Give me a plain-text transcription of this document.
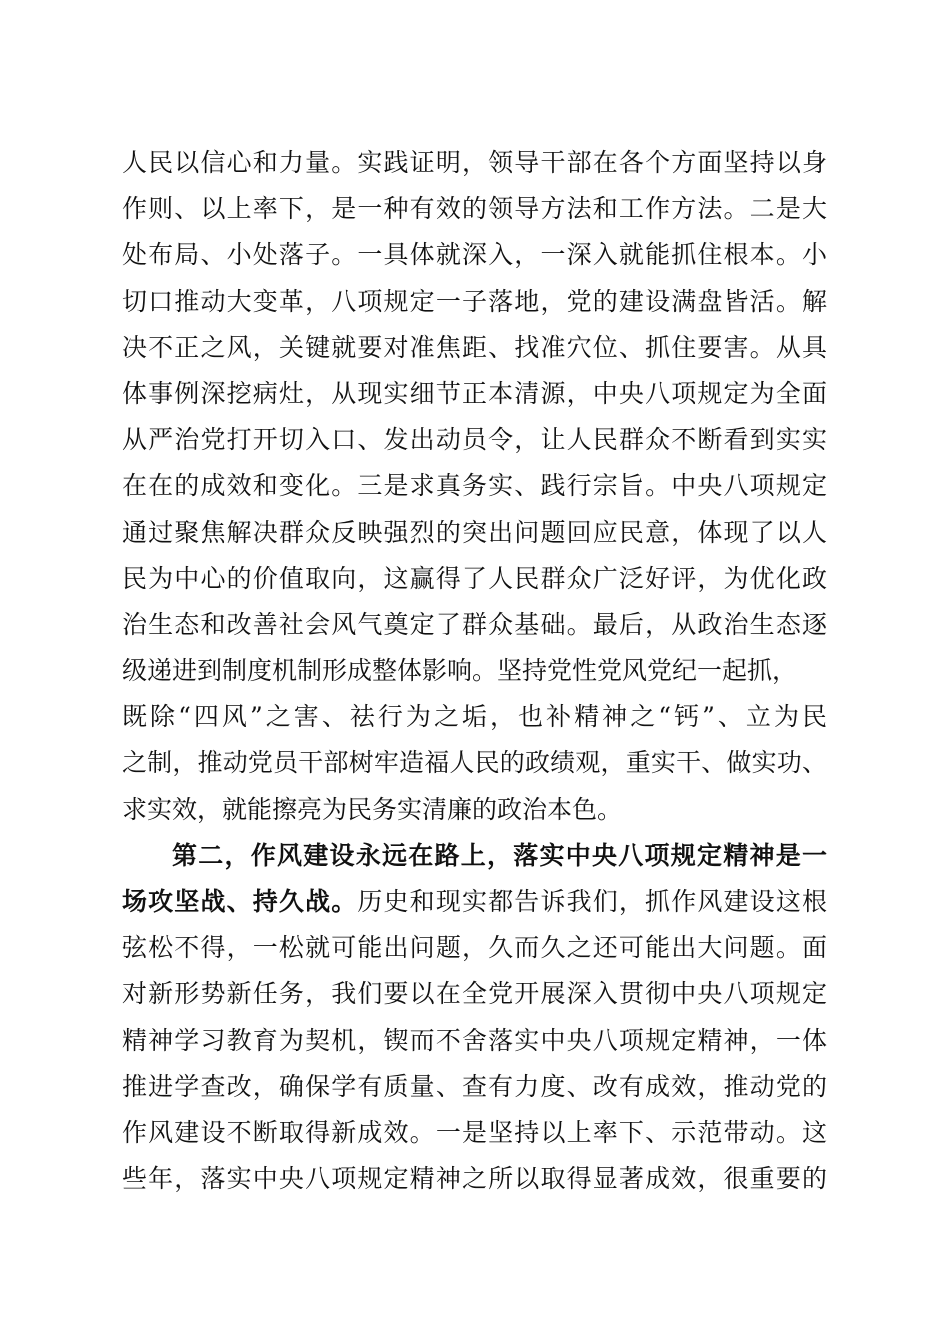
人民以信心和力量。实践证明，领导干部在各个方面坚持以身
作则、以上率下，是一种有效的领导方法和工作方法。二是大
处布局、小处落子。一具体就深入，一深入就能抓住根本。小
切口推动大变革，八项规定一子落地，党的建设满盘皆活。解
决不正之风，关键就要对准焦距、找准穴位、抓住要害。从具
体事例深挖病灶，从现实细节正本清源，中央八项规定为全面
从严治党打开切入口、发出动员令，让人民群众不断看到实实
在在的成效和变化。三是求真务实、践行宗旨。中央八项规定
通过聚焦解决群众反映强烈的突出问题回应民意，体现了以人
民为中心的价值取向，这赢得了人民群众广泛好评，为优化政
治生态和改善社会风气奠定了群众基础。最后，从政治生态逐
级递进到制度机制形成整体影响。坚持党性党风党纪一起抓，
既除“四风”之害、祛行为之垢，也补精神之“钙”、立为民
之制，推动党员干部树牢造福人民的政绩观，重实干、做实功、
求实效，就能擦亮为民务实清廉的政治本色。
第二，作风建设永远在路上，落实中央八项规定精神是一
场攻坚战、持久战。历史和现实都告诉我们，抓作风建设这根
弦松不得，一松就可能出问题，久而久之还可能出大问题。面
对新形势新任务，我们要以在全党开展深入贯彻中央八项规定
精神学习教育为契机，锲而不舍落实中央八项规定精神，一体
推进学查改，确保学有质量、查有力度、改有成效，推动党的
作风建设不断取得新成效。一是坚持以上率下、示范带动。这
些年，落实中央八项规定精神之所以取得显著成效，很重要的
